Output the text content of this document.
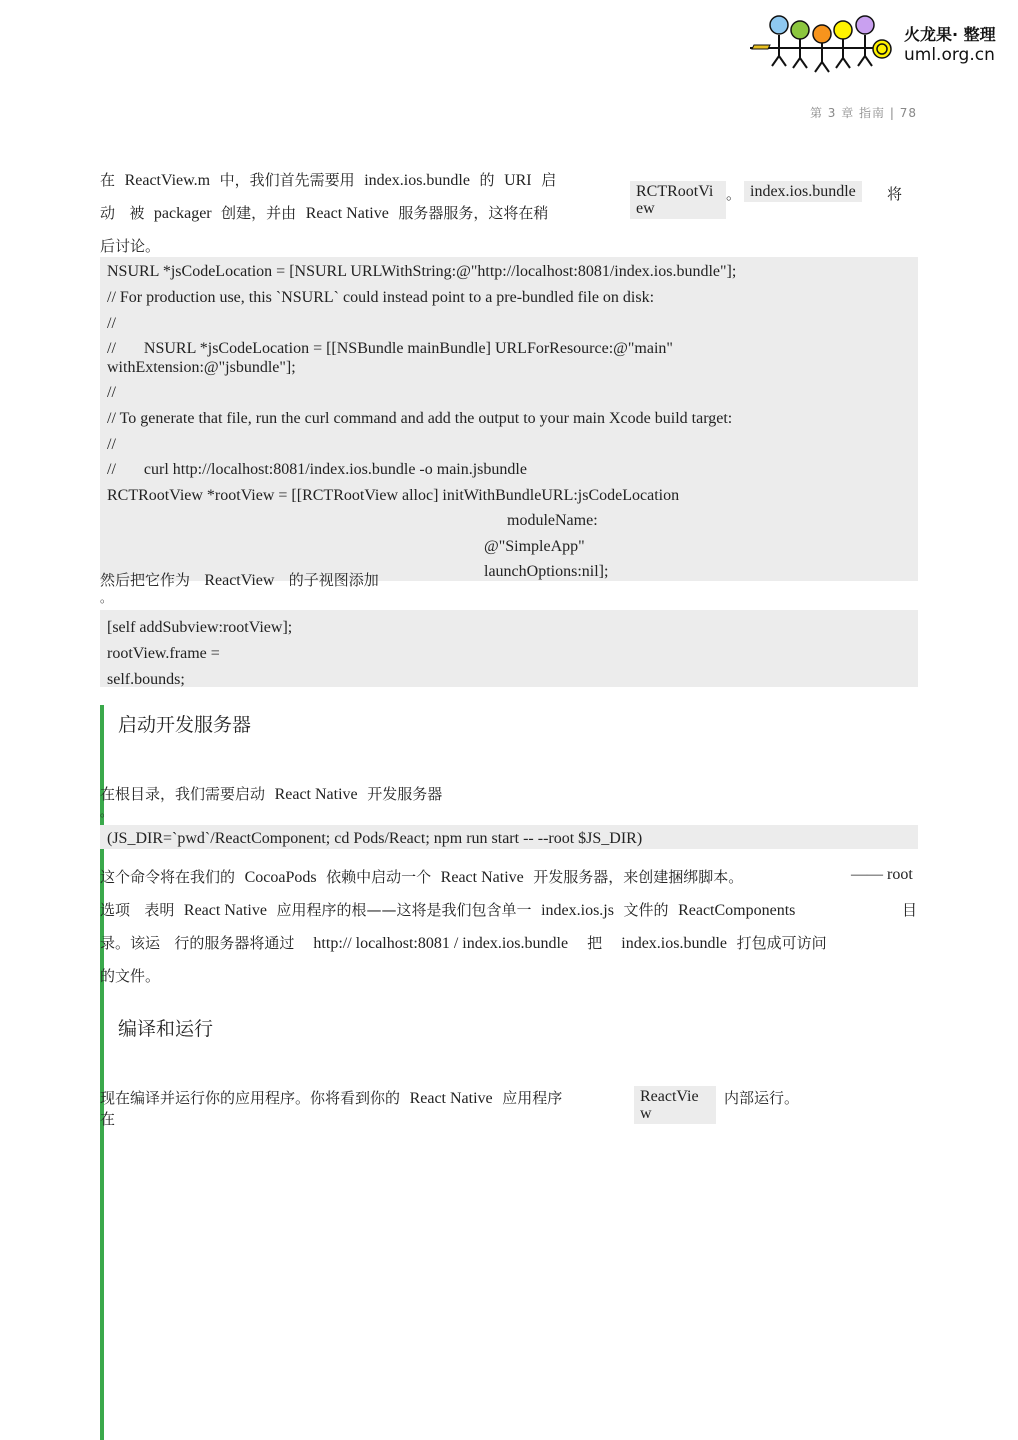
火龙果· 整理
uml.org.cn
第 3 章 指南 | 78
在 ReactView.m 中，我们首先需要用 index.ios.bundle 的 URI 启
RCTRootVi
ew
。 index.ios.bundle	将
动 被 packager 创建，并由 React Native 服务器服务，这将在稍
后讨论。
NSURL *jsCodeLocation = [NSURL URLWithString:@"http://localhost:8081/index.ios.bundle"];
// For production use, this `NSURL` could instead point to a pre-bundled file on disk:
//
//       NSURL *jsCodeLocation = [[NSBundle mainBundle] URLForResource:@"main"
withExtension:@"jsbundle"];
//
// To generate that file, run the curl command and add the output to your main Xcode build target:
//
//       curl http://localhost:8081/index.ios.bundle -o main.jsbundle
RCTRootView *rootView = [[RCTRootView alloc] initWithBundleURL:jsCodeLocation
moduleName:
@"SimpleApp"
launchOptions:nil];
然后把它作为 ReactView 的子视图添加
。
[self addSubview:rootView];
rootView.frame =
self.bounds;
启动开发服务器
在根目录，我们需要启动 React Native 开发服务器
。
(JS_DIR=`pwd`/ReactComponent; cd Pods/React; npm run start -- --root $JS_DIR)
这个命令将在我们的 CocoaPods 依赖中启动一个 React Native 开发服务器，来创建捆绑脚本。	—— root
选项 表明 React Native 应用程序的根——这将是我们包含单一 index.ios.js 文件的 ReactComponents	目
录。该运 行的服务器将通过 http:// localhost:8081 / index.ios.bundle 把 index.ios.bundle 打包成可访问
的文件。
编译和运行
现在编译并运行你的应用程序。你将看到你的 React Native 应用程序
在
ReactVie
w
内部运行。
